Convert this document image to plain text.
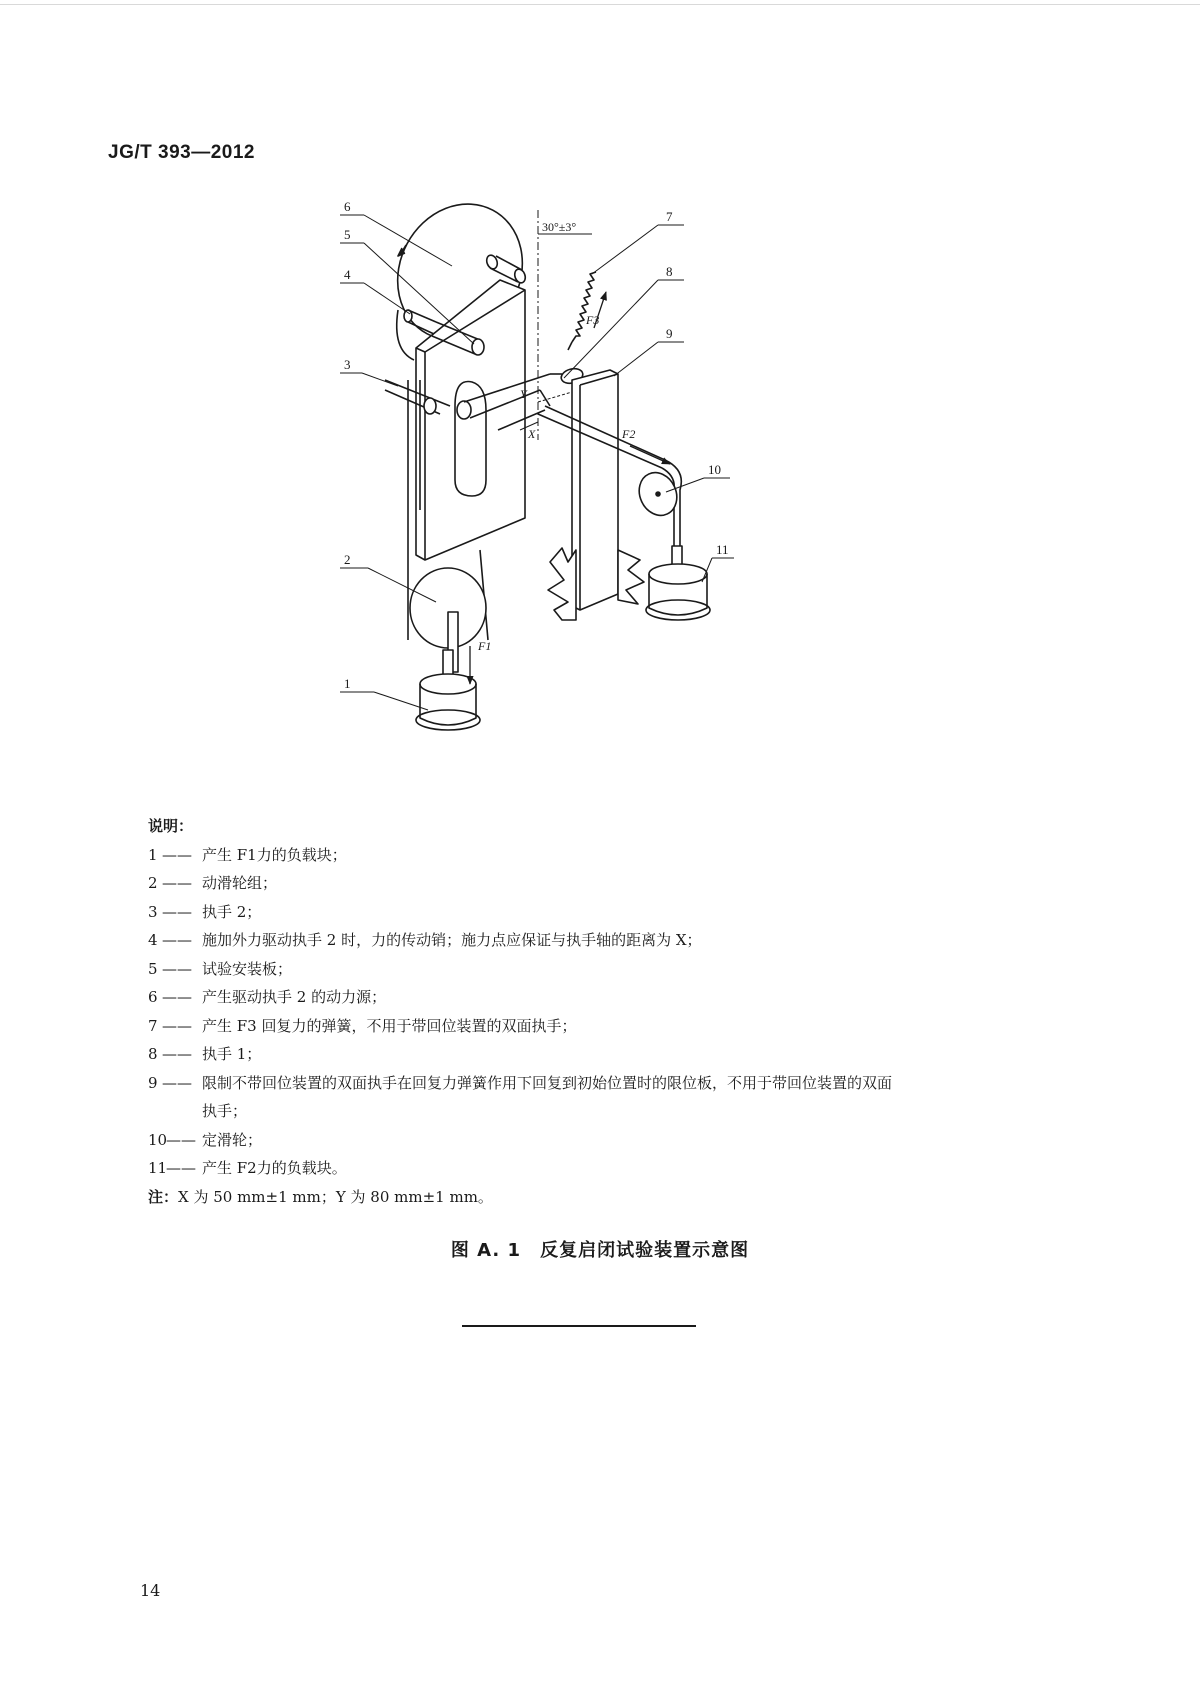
JG/T 393—2012
1
2
3
4
5
6
7
8
9
10
11
30°±3°
F3
F2
F1
Y
X
说明：
1 —— 产生 F1力的负载块；
2 —— 动滑轮组；
3 —— 执手 2；
4 —— 施加外力驱动执手 2 时，力的传动销；施力点应保证与执手轴的距离为 X；
5 —— 试验安装板；
6 —— 产生驱动执手 2 的动力源；
7 —— 产生 F3 回复力的弹簧，不用于带回位装置的双面执手；
8 —— 执手 1；
9 —— 限制不带回位装置的双面执手在回复力弹簧作用下回复到初始位置时的限位板，不用于带回位装置的双面
执手；
10
—— 定滑轮；
11
—— 产生 F2力的负载块。
注：X 为 50 mm±1 mm；Y 为 80 mm±1 mm。
图 A. 1　反复启闭试验装置示意图
14
